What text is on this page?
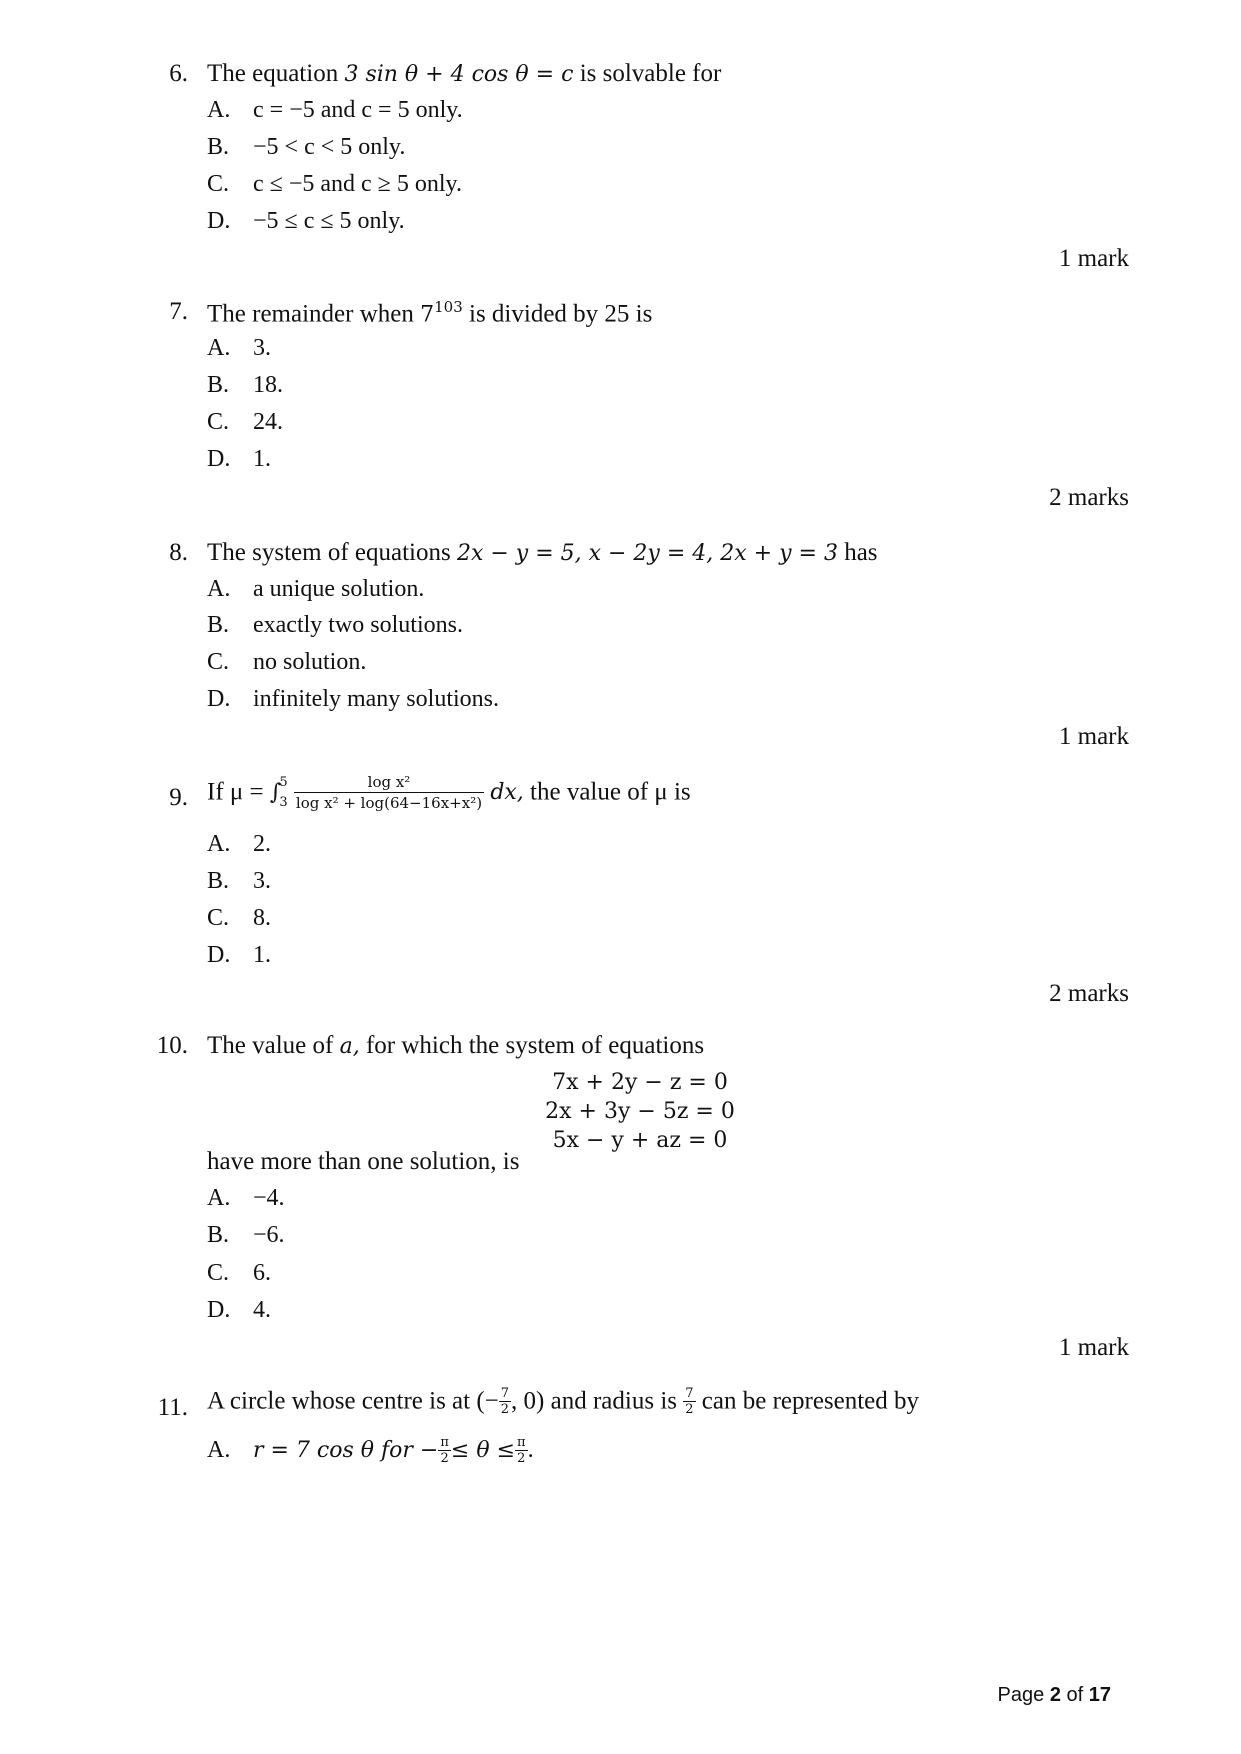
6. The equation 3 sin θ + 4 cos θ = c is solvable for
A. c = −5 and c = 5 only.
B. −5 < c < 5 only.
C. c ≤ −5 and c ≥ 5 only.
D. −5 ≤ c ≤ 5 only.
1 mark
7. The remainder when $7^{103}$ is divided by 25 is
A. 3.
B. 18.
C. 24.
D. 1.
2 marks
8. The system of equations 2x − y = 5, x − 2y = 4, 2x + y = 3 has
A. a unique solution.
B. exactly two solutions.
C. no solution.
D. infinitely many solutions.
1 mark
9. If μ = ∫
5
3
$\frac{\text{log x²}}{\text{log x² + log(64−16x+x²)}}$ dx, the value of μ is
A. 2.
B. 3.
C. 8.
D. 1.
2 marks
10. The value of a, for which the system of equations
7x + 2y − z = 0
2x + 3y − 5z = 0
5x − y + az = 0
have more than one solution, is
A. −4.
B. −6.
C. 6.
D. 4.
1 mark
11. A circle whose centre is at (− $\frac{7}{2}$ , 0) and radius is $\frac{7}{2}$ can be represented by
A. r = 7 cos θ for − $\frac{\pi}{2} \le \theta \le \frac{\pi}{2}$ .
Page 2 of 17
